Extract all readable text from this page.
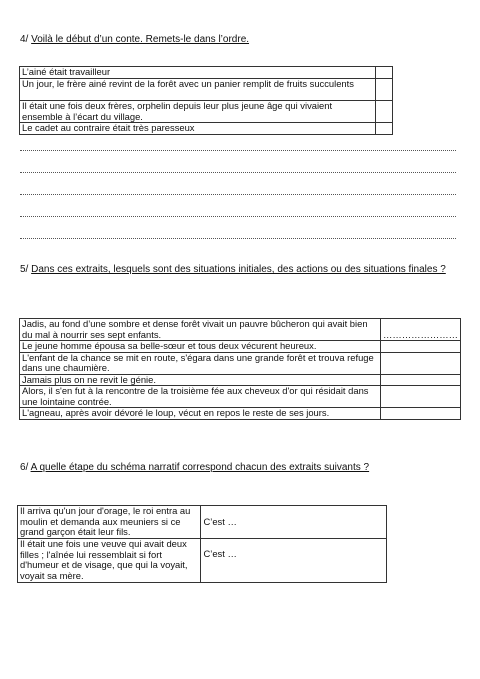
4/ Voilà le début d’un conte. Remets-le dans l’ordre.
L’ainé était travailleur	
Un jour, le frère ainé revint de la forêt avec un panier remplit de fruits succulents	
Il était une fois deux frères, orphelin depuis leur plus jeune âge qui vivaient ensemble à l’écart du village.	
Le cadet au contraire était très paresseux	
5/ Dans ces extraits, lesquels sont des situations initiales, des actions ou des situations finales ?
Jadis, au fond d’une sombre et dense forêt vivait un pauvre bûcheron qui avait bien du mal à nourrir ses sept enfants.	……………………
Le jeune homme épousa sa belle-sœur et tous deux vécurent heureux.	
L'enfant de la chance se mit en route, s'égara dans une grande forêt et trouva refuge dans une chaumière.	
Jamais plus on ne revit le génie.	
Alors, il s'en fut à la rencontre de la troisième fée aux cheveux d'or qui résidait dans une lointaine contrée.	
L'agneau, après avoir dévoré le loup, vécut en repos le reste de ses jours.	
6/ A quelle étape du schéma narratif correspond chacun des extraits suivants ?
Il arriva qu'un jour d'orage, le roi entra au moulin et demanda aux meuniers si ce grand garçon était leur fils.	C’est …
Il était une fois une veuve qui avait deux filles ; l'aînée lui ressemblait si fort d'humeur et de visage, que qui la voyait, voyait sa mère.	C’est …
